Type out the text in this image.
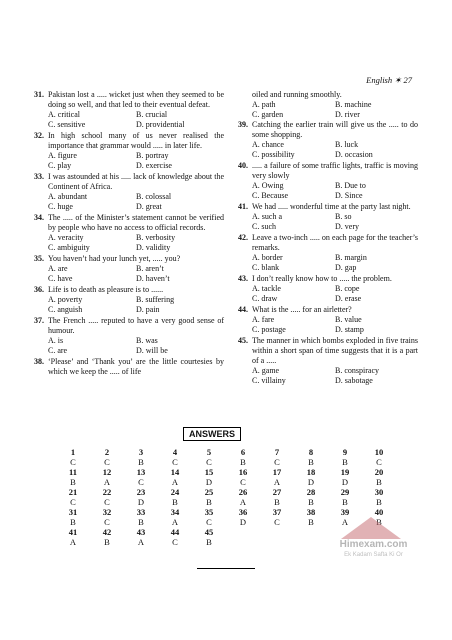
English ✶ 27
31. Pakistan lost a ..... wicket just when they seemed to be doing so well, and that led to their eventual defeat.
A. critical	B. crucial
C. sensitive	D. providential
32. In high school many of us never realised the importance that grammar would ..... in later life.
A. figure	B. portray
C. play	D. exercise
33. I was astounded at his ..... lack of knowledge about the Continent of Africa.
A. abundant	B. colossal
C. huge	D. great
34. The ..... of the Minister’s statement cannot be verified by people who have no access to official records.
A. veracity	B. verbosity
C. ambiguity	D. validity
35. You haven’t had your lunch yet, ..... you?
A. are	B. aren’t
C. have	D. haven’t
36. Life is to death as pleasure is to ......
A. poverty	B. suffering
C. anguish	D. pain
37. The French ..... reputed to have a very good sense of humour.
A. is	B. was
C. are	D. will be
38. ‘Please’ and ‘Thank you’ are the little courtesies by which we keep the ..... of life
oiled and running smoothly.
A. path	B. machine
C. garden	D. river
39. Catching the earlier train will give us the ..... to do some shopping.
A. chance	B. luck
C. possibility	D. occasion
40. ..... a failure of some traffic lights, traffic is moving very slowly
A. Owing	B. Due to
C. Because	D. Since
41. We had ..... wonderful time at the party last night.
A. such a	B. so
C. such	D. very
42. Leave a two-inch ..... on each page for the teacher’s remarks.
A. border	B. margin
C. blank	D. gap
43. I don’t really know how to ..... the problem.
A. tackle	B. cope
C. draw	D. erase
44. What is the ..... for an airletter?
A. fare	B. value
C. postage	D. stamp
45. The manner in which bombs exploded in five trains within a short span of time suggests that it is a part of a .....
A. game	B. conspiracy
C. villainy	D. sabotage
ANSWERS
1	2	3	4	5	6	7	8	9	10
C	C	B	C	C	B	C	B	B	C
11	12	13	14	15	16	17	18	19	20
B	A	C	A	D	C	A	D	D	B
21	22	23	24	25	26	27	28	29	30
C	C	D	B	B	A	B	B	B	B
31	32	33	34	35	36	37	38	39	40
B	C	B	A	C	D	C	B	A	B
41	42	43	44	45
A	B	A	C	B	Himexam.com
Ek Kadam Safta Ki Or
